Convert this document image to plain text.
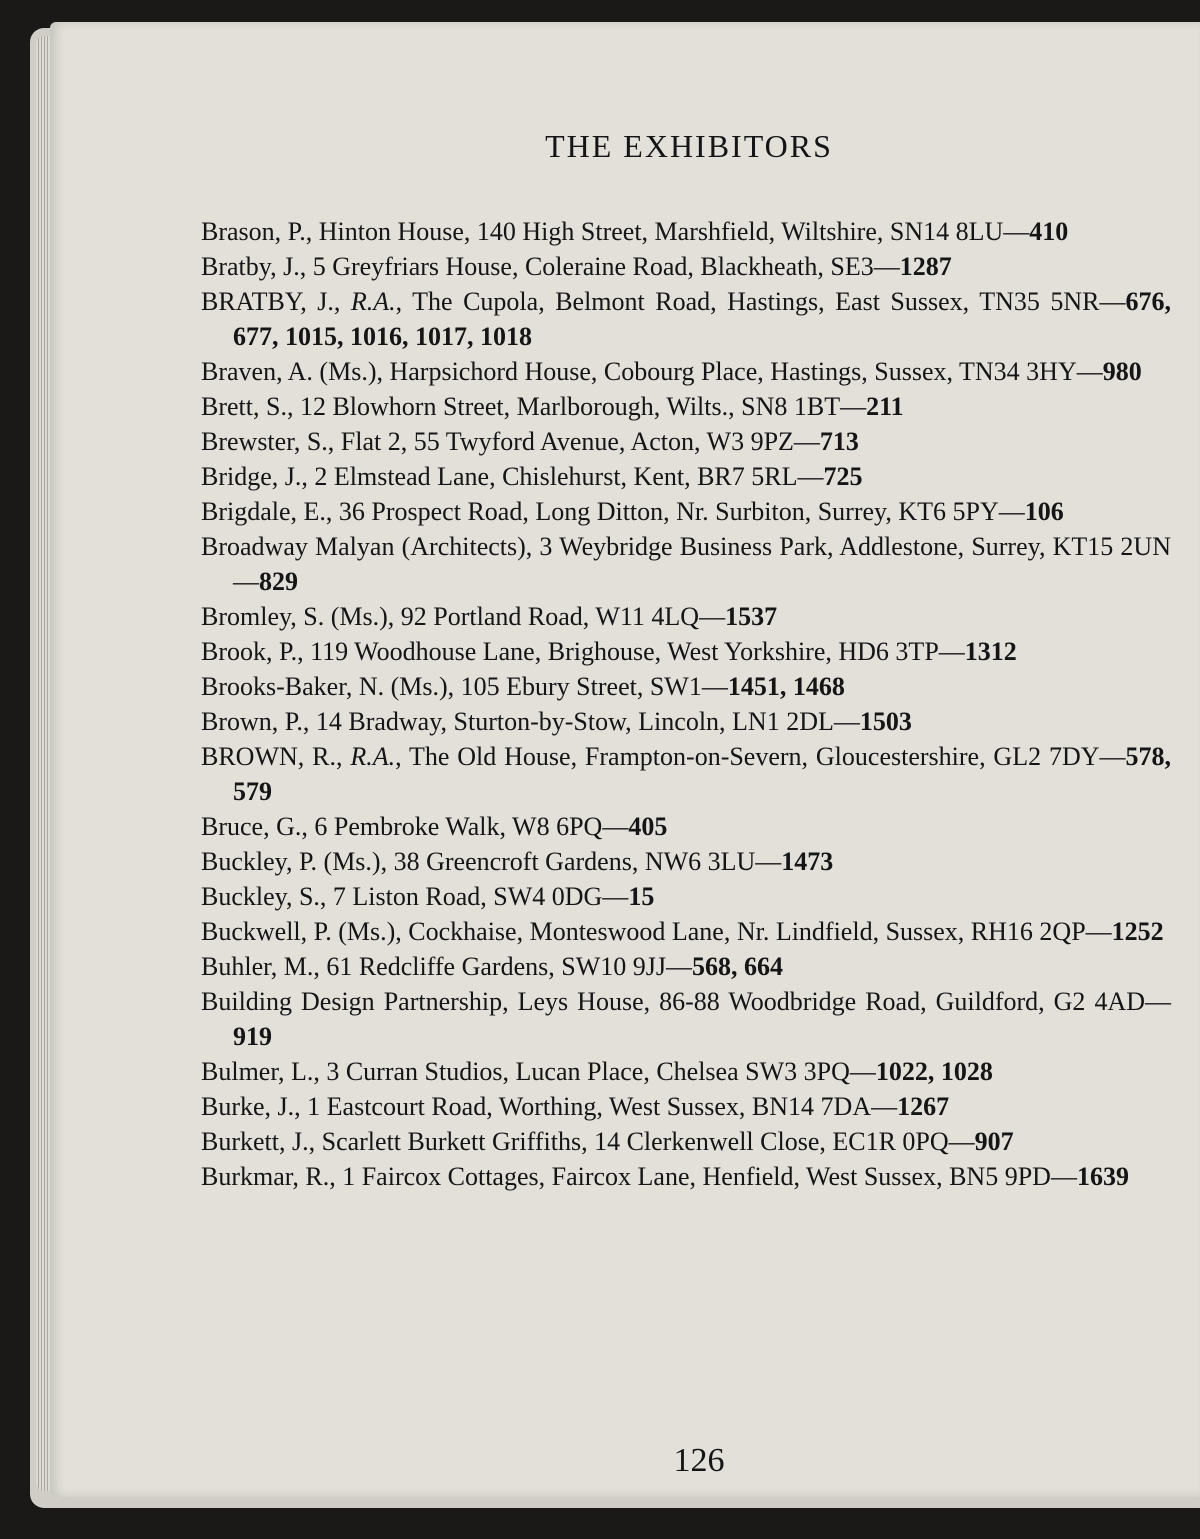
THE EXHIBITORS
Brason, P., Hinton House, 140 High Street, Marshfield, Wiltshire, SN14 8LU—410
Bratby, J., 5 Greyfriars House, Coleraine Road, Blackheath, SE3—1287
BRATBY, J., R.A., The Cupola, Belmont Road, Hastings, East Sussex, TN35 5NR—676, 677, 1015, 1016, 1017, 1018
Braven, A. (Ms.), Harpsichord House, Cobourg Place, Hastings, Sussex, TN34 3HY—980
Brett, S., 12 Blowhorn Street, Marlborough, Wilts., SN8 1BT—211
Brewster, S., Flat 2, 55 Twyford Avenue, Acton, W3 9PZ—713
Bridge, J., 2 Elmstead Lane, Chislehurst, Kent, BR7 5RL—725
Brigdale, E., 36 Prospect Road, Long Ditton, Nr. Surbiton, Surrey, KT6 5PY—106
Broadway Malyan (Architects), 3 Weybridge Business Park, Addlestone, Surrey, KT15 2UN—829
Bromley, S. (Ms.), 92 Portland Road, W11 4LQ—1537
Brook, P., 119 Woodhouse Lane, Brighouse, West Yorkshire, HD6 3TP—1312
Brooks-Baker, N. (Ms.), 105 Ebury Street, SW1—1451, 1468
Brown, P., 14 Bradway, Sturton-by-Stow, Lincoln, LN1 2DL—1503
BROWN, R., R.A., The Old House, Frampton-on-Severn, Gloucestershire, GL2 7DY—578, 579
Bruce, G., 6 Pembroke Walk, W8 6PQ—405
Buckley, P. (Ms.), 38 Greencroft Gardens, NW6 3LU—1473
Buckley, S., 7 Liston Road, SW4 0DG—15
Buckwell, P. (Ms.), Cockhaise, Monteswood Lane, Nr. Lindfield, Sussex, RH16 2QP—1252
Buhler, M., 61 Redcliffe Gardens, SW10 9JJ—568, 664
Building Design Partnership, Leys House, 86-88 Woodbridge Road, Guildford, G2 4AD—919
Bulmer, L., 3 Curran Studios, Lucan Place, Chelsea SW3 3PQ—1022, 1028
Burke, J., 1 Eastcourt Road, Worthing, West Sussex, BN14 7DA—1267
Burkett, J., Scarlett Burkett Griffiths, 14 Clerkenwell Close, EC1R 0PQ—907
Burkmar, R., 1 Faircox Cottages, Faircox Lane, Henfield, West Sussex, BN5 9PD—1639
126
